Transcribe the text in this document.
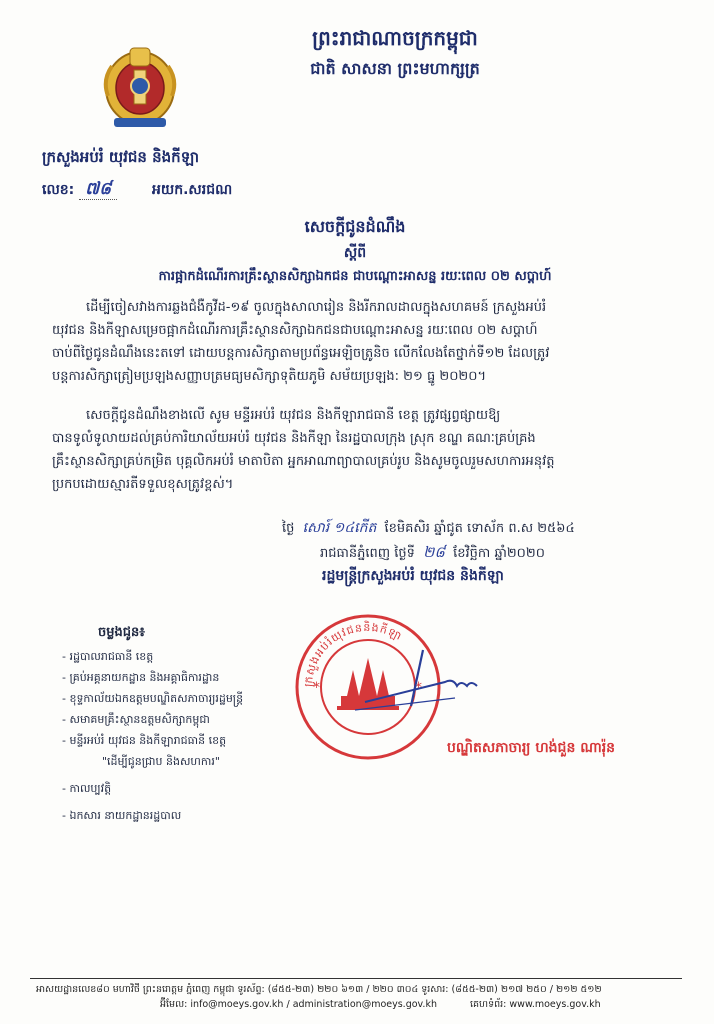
ព្រះរាជាណាចក្រកម្ពុជា
ជាតិ សាសនា ព្រះមហាក្សត្រ
ក្រសួងអប់រំ យុវជន និងកីឡា
លេខ: ៧៨	អយក.សរជណ
សេចក្តីជូនដំណឹង
ស្តីពី
ការផ្អាកដំណើរការគ្រឹះស្ថានសិក្សាឯកជន ជាបណ្តោះអាសន្ន រយៈពេល ០២ សប្តាហ៍
ដើម្បីចៀសវាងការឆ្លងជំងឺកូវីដ-១៩ ចូលក្នុងសាលារៀន និងរីករាលដាលក្នុងសហគមន៍ ក្រសួងអប់រំ
យុវជន និងកីឡាសម្រេចផ្អាកដំណើរការគ្រឹះស្ថានសិក្សាឯកជនជាបណ្តោះអាសន្ន រយៈពេល ០២ សប្តាហ៍
ចាប់ពីថ្ងៃជូនដំណឹងនេះតទៅ ដោយបន្តការសិក្សាតាមប្រព័ន្ធអេឡិចត្រូនិច លើកលែងតែថ្នាក់ទី១២ ដែលត្រូវ
បន្តការសិក្សាត្រៀមប្រឡងសញ្ញាបត្រមធ្យមសិក្សាទុតិយភូមិ សម័យប្រឡង: ២១ ធ្នូ ២០២០។
សេចក្តីជូនដំណឹងខាងលើ សូម មន្ទីរអប់រំ យុវជន និងកីឡារាជធានី ខេត្ត ត្រូវផ្សព្វផ្សាយឱ្យ
បានទូលំទូលាយដល់គ្រប់ការិយាល័យអប់រំ យុវជន និងកីឡា នៃរដ្ឋបាលក្រុង ស្រុក ខណ្ឌ គណៈគ្រប់គ្រង
គ្រឹះស្ថានសិក្សាគ្រប់កម្រិត បុគ្គលិកអប់រំ មាតាបិតា អ្នកអាណាព្យាបាលគ្រប់រូប និងសូមចូលរួមសហការអនុវត្ត
ប្រកបដោយស្មារតីទទួលខុសត្រូវខ្ពស់។
ថ្ងៃ សោរ៍ ១៤កើត ខែមិគសិរ ឆ្នាំជូត ទោស័ក ព.ស ២៥៦៤
រាជធានីភ្នំពេញ ថ្ងៃទី ២៨ ខែវិច្ឆិកា ឆ្នាំ២០២០
រដ្ឋមន្ត្រីក្រសួងអប់រំ យុវជន និងកីឡា
ចម្លងជូន៖
- រដ្ឋបាលរាជធានី ខេត្ត
- គ្រប់អគ្គនាយកដ្ឋាន និងអគ្គាធិការដ្ឋាន
- ខុទ្ទកាល័យឯកឧត្តមបណ្ឌិតសភាចារ្យរដ្ឋមន្ត្រី
- សមាគមគ្រឹះស្ថានឧត្តមសិក្សាកម្ពុជា
- មន្ទីរអប់រំ យុវជន និងកីឡារាជធានី ខេត្ត
"ដើម្បីជូនជ្រាប និងសហការ"
- កាលប្បវត្តិ
- ឯកសារ នាយកដ្ឋានរដ្ឋបាល
ក្រសួងអប់រំយុវជននិងកីឡា
*	*
បណ្ឌិតសភាចារ្យ ហង់ជួន ណារ៉ុន
អាសយដ្ឋានលេខ៨០ មហាវិថី ព្រះនរោត្តម ភ្នំពេញ កម្ពុជា ទូរស័ព្ទ: (៨៥៥-២៣) ២២០ ៦១៣ / ២២០ ៣០៤ ទូរសារ: (៨៥៥-២៣) ២១៧ ២៥០ / ២១២ ៥១២
អ៊ីមែល: info@moeys.gov.kh / administration@moeys.gov.kh	គេហទំព័រ: www.moeys.gov.kh
